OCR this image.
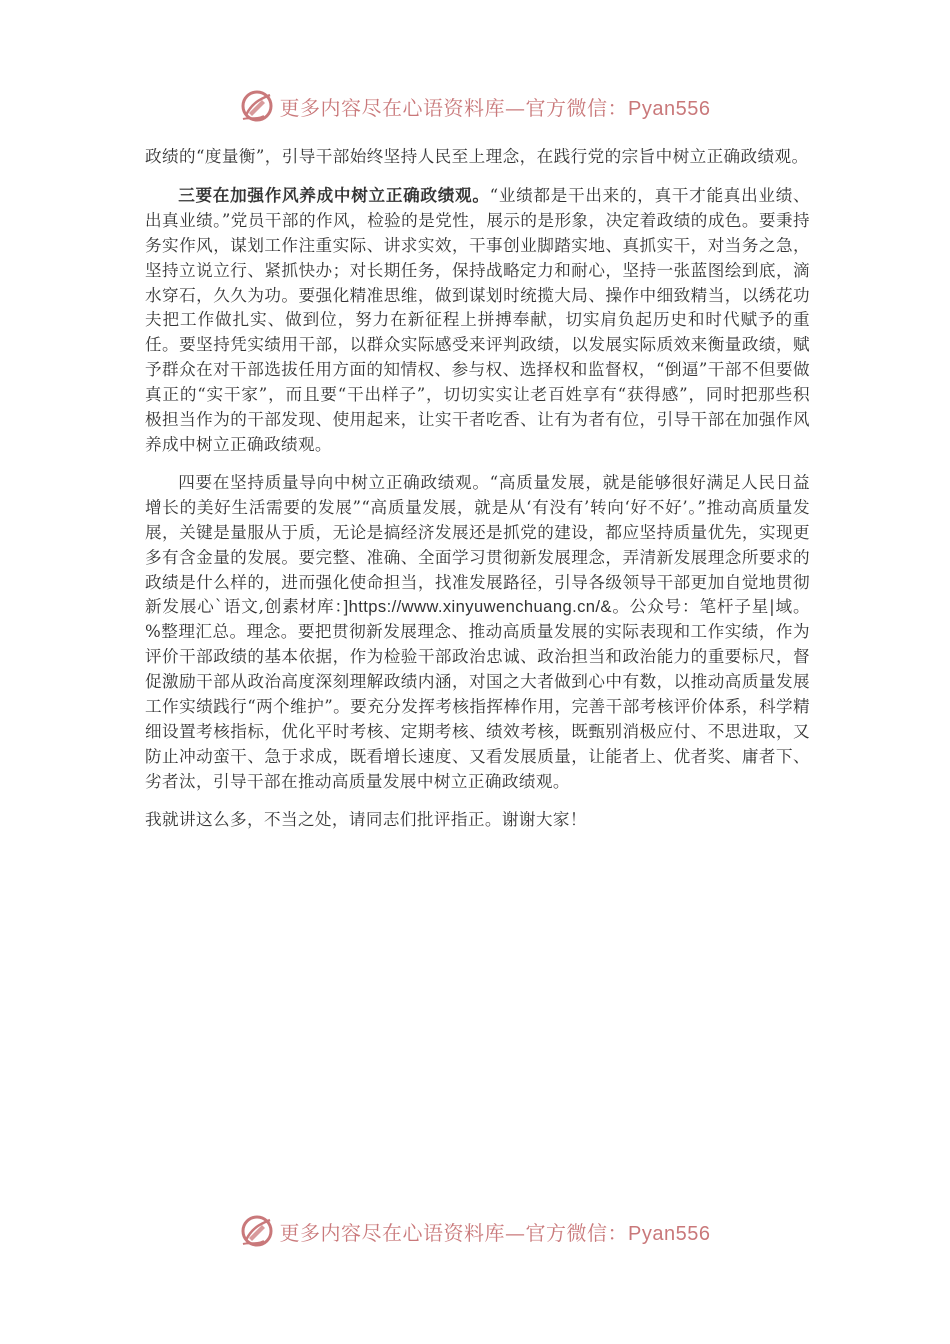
更多内容尽在心语资料库—官方微信：Pyan556

政绩的“度量衡”，引导干部始终坚持人民至上理念，在践行党的宗旨中树立正确政绩观。

三要在加强作风养成中树立正确政绩观。“业绩都是干出来的，真干才能真出业绩、出真业绩。”党员干部的作风，检验的是党性，展示的是形象，决定着政绩的成色。要秉持务实作风，谋划工作注重实际、讲求实效，干事创业脚踏实地、真抓实干，对当务之急，坚持立说立行、紧抓快办；对长期任务，保持战略定力和耐心，坚持一张蓝图绘到底，滴水穿石，久久为功。要强化精准思维，做到谋划时统揽大局、操作中细致精当，以绣花功夫把工作做扎实、做到位，努力在新征程上拼搏奉献，切实肩负起历史和时代赋予的重任。要坚持凭实绩用干部，以群众实际感受来评判政绩，以发展实际质效来衡量政绩，赋予群众在对干部选拔任用方面的知情权、参与权、选择权和监督权，“倒逼”干部不但要做真正的“实干家”，而且要“干出样子”，切切实实让老百姓享有“获得感”，同时把那些积极担当作为的干部发现、使用起来，让实干者吃香、让有为者有位，引导干部在加强作风养成中树立正确政绩观。

四要在坚持质量导向中树立正确政绩观。“高质量发展，就是能够很好满足人民日益增长的美好生活需要的发展”“高质量发展，就是从‘有没有’转向‘好不好’。”推动高质量发展，关键是量服从于质，无论是搞经济发展还是抓党的建设，都应坚持质量优先，实现更多有含金量的发展。要完整、准确、全面学习贯彻新发展理念，弄清新发展理念所要求的政绩是什么样的，进而强化使命担当，找准发展路径，引导各级领导干部更加自觉地贯彻新发展心`语文,创素材库：]https://www.xinyuwenchuang.cn/&。公众号：笔杆子星|域。%整理汇总。理念。要把贯彻新发展理念、推动高质量发展的实际表现和工作实绩，作为评价干部政绩的基本依据，作为检验干部政治忠诚、政治担当和政治能力的重要标尺，督促激励干部从政治高度深刻理解政绩内涵，对国之大者做到心中有数，以推动高质量发展工作实绩践行“两个维护”。要充分发挥考核指挥棒作用，完善干部考核评价体系，科学精细设置考核指标，优化平时考核、定期考核、绩效考核，既甄别消极应付、不思进取，又防止冲动蛮干、急于求成，既看增长速度、又看发展质量，让能者上、优者奖、庸者下、劣者汰，引导干部在推动高质量发展中树立正确政绩观。

我就讲这么多，不当之处，请同志们批评指正。谢谢大家！

更多内容尽在心语资料库—官方微信：Pyan556
